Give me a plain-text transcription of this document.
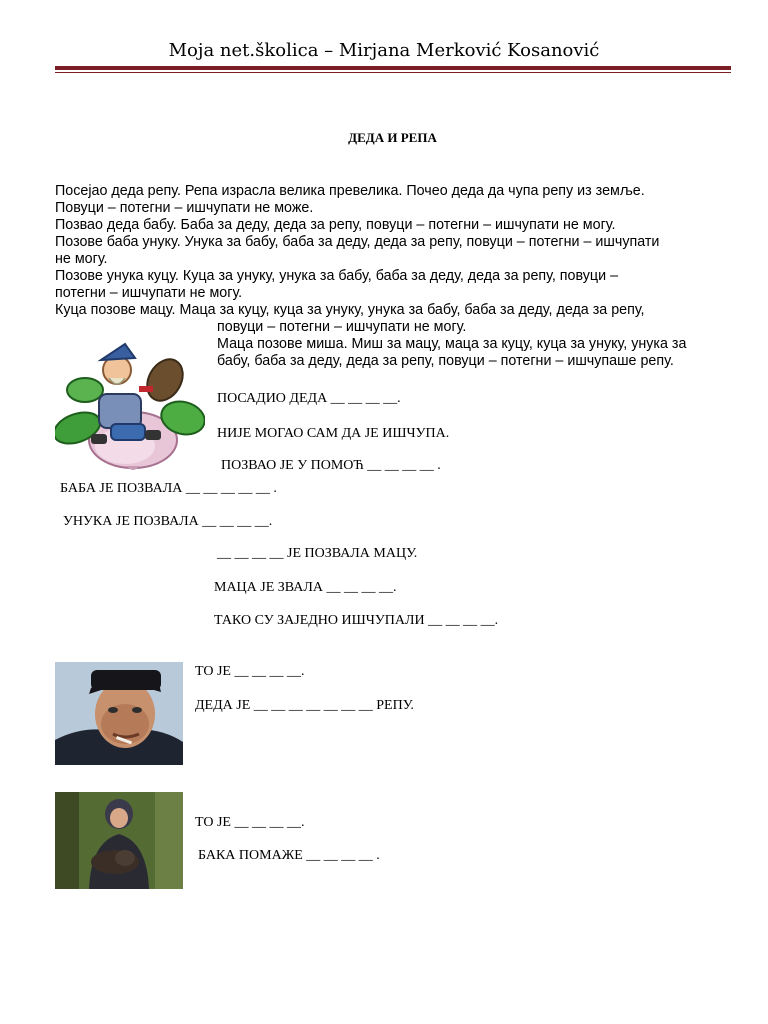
Moja net.školica – Mirjana Merković Kosanović
ДЕДА И РЕПА
Посејао деда репу. Репа израсла велика превелика. Почео деда да чупа репу из земље.
Повуци – потегни – ишчупати не може.
Позвао деда бабу. Баба за деду, деда за репу, повуци – потегни – ишчупати не могу.
Позове баба унуку. Унука за бабу, баба за деду, деда за репу, повуци – потегни – ишчупати
не могу.
Позове унука куцу. Куца за унуку, унука за бабу, баба за деду, деда за репу, повуци –
потегни – ишчупати не могу.
Куца позове мацу. Маца за куцу, куца за унуку, унука за бабу, баба за деду, деда за репу,
повуци – потегни – ишчупати не могу.
Маца позове миша. Миш за мацу, маца за куцу, куца за унуку, унука за
бабу, баба за деду, деда за репу, повуци – потегни – ишчупаше репу.
ПОСАДИО ДЕДА __ __ __ __.
НИЈЕ МОГАО САМ ДА ЈЕ ИШЧУПА.
ПОЗВАО ЈЕ У ПОМОЋ __ __ __ __ .
БАБА ЈЕ ПОЗВАЛА __ __ __ __ __ .
УНУКА ЈЕ ПОЗВАЛА __ __ __ __.
__ __ __ __ ЈЕ ПОЗВАЛА МАЦУ.
МАЦА ЈЕ ЗВАЛА __ __ __ __.
ТАКО СУ ЗАЈЕДНО ИШЧУПАЛИ __ __ __ __.
ТО ЈЕ __ __ __ __.
ДЕДА ЈЕ __ __ __ __ __ __ __ РЕПУ.
ТО ЈЕ __ __ __ __.
БАКА ПОМАЖЕ __ __ __ __ .
